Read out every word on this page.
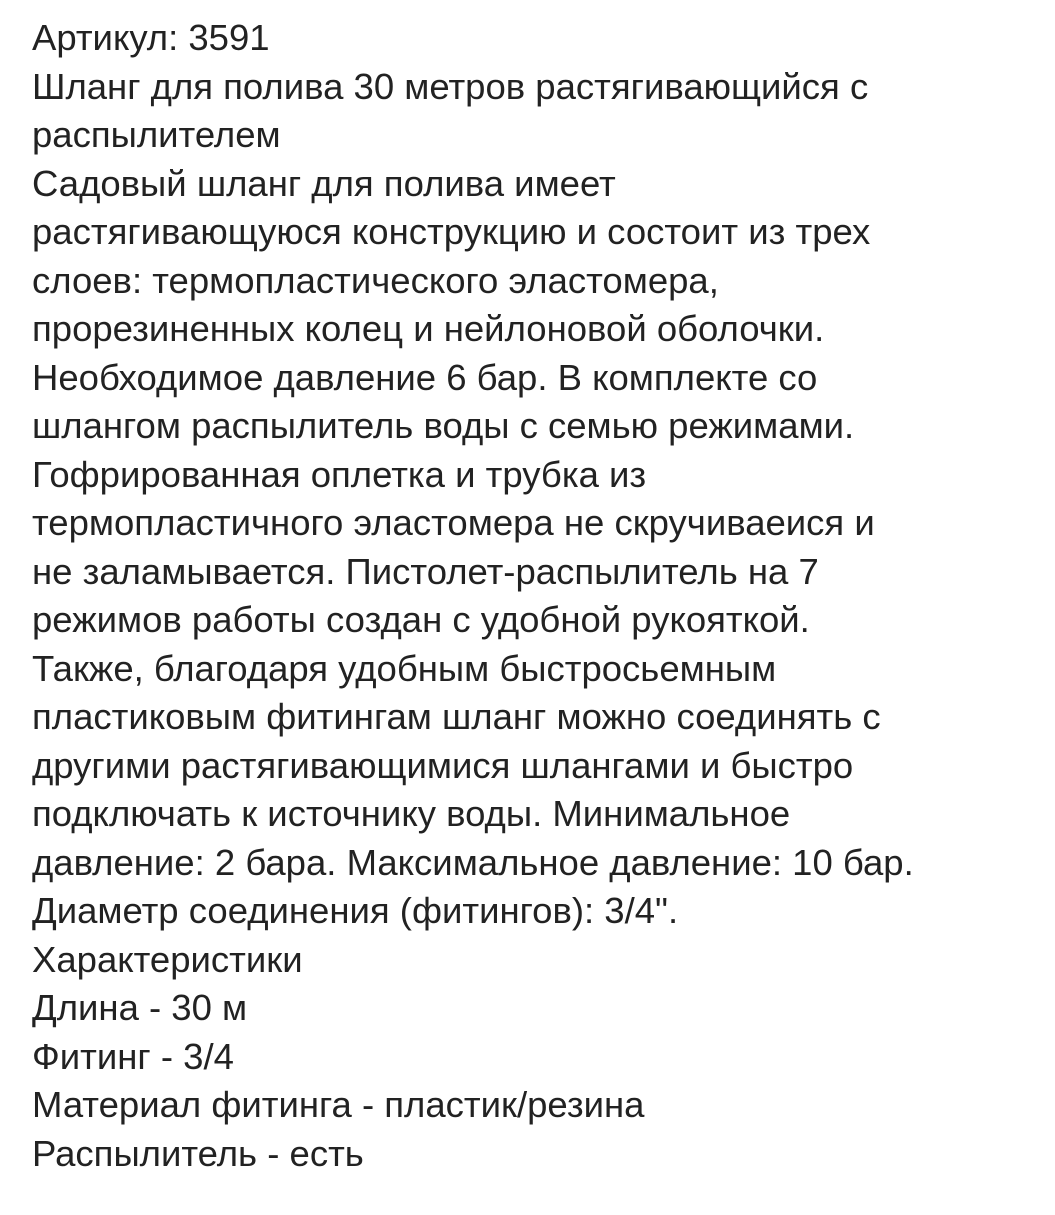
Артикул: 3591
Шланг для полива 30 метров растягивающийся с
распылителем
Садовый шланг для полива имеет
растягивающуюся конструкцию и состоит из трех
слоев: термопластического эластомера,
прорезиненных колец и нейлоновой оболочки.
Необходимое давление 6 бар. В комплекте со
шлангом распылитель воды с семью режимами.
Гофрированная оплетка и трубка из
термопластичного эластомера не скручиваеися и
не заламывается. Пистолет-распылитель на 7
режимов работы создан с удобной рукояткой.
Также, благодаря удобным быстросьемным
пластиковым фитингам шланг можно соединять с
другими растягивающимися шлангами и быстро
подключать к источнику воды. Минимальное
давление: 2 бара. Максимальное давление: 10 бар.
Диаметр соединения (фитингов): 3/4".
Характеристики
Длина - 30 м
Фитинг - 3/4
Материал фитинга - пластик/резина
Распылитель - есть
